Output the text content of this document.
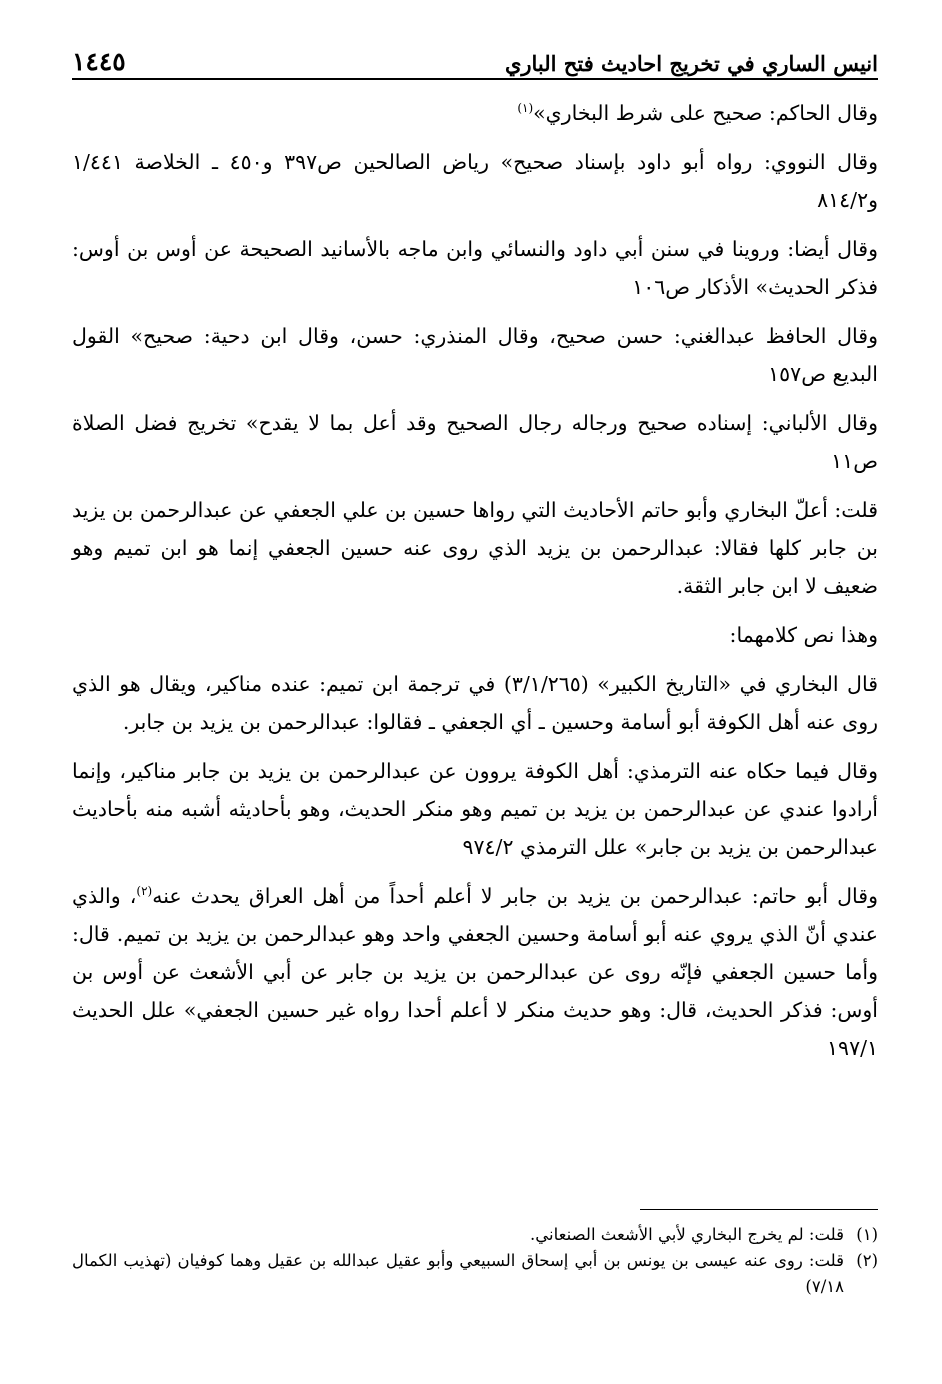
انيس الساري في تخريج احاديث فتح الباري
١٤٤٥

وقال الحاكم: صحيح على شرط البخاري»$^{(١)}$

وقال النووي: رواه أبو داود بإسناد صحيح» رياض الصالحين ص٣٩٧ و٤٥٠ ـ الخلاصة ١/٤٤١ و٨١٤/٢

وقال أيضا: وروينا في سنن أبي داود والنسائي وابن ماجه بالأسانيد الصحيحة عن أوس بن أوس: فذكر الحديث» الأذكار ص١٠٦

وقال الحافظ عبدالغني: حسن صحيح، وقال المنذري: حسن، وقال ابن دحية: صحيح» القول البديع ص١٥٧

وقال الألباني: إسناده صحيح ورجاله رجال الصحيح وقد أعل بما لا يقدح» تخريج فضل الصلاة ص١١

قلت: أعلّ البخاري وأبو حاتم الأحاديث التي رواها حسين بن علي الجعفي عن عبدالرحمن بن يزيد بن جابر كلها فقالا: عبدالرحمن بن يزيد الذي روى عنه حسين الجعفي إنما هو ابن تميم وهو ضعيف لا ابن جابر الثقة.

وهذا نص كلامهما:

قال البخاري في «التاريخ الكبير» (٣/١/٢٦٥) في ترجمة ابن تميم: عنده مناكير، ويقال هو الذي روى عنه أهل الكوفة أبو أسامة وحسين ـ أي الجعفي ـ فقالوا: عبدالرحمن بن يزيد بن جابر.

وقال فيما حكاه عنه الترمذي: أهل الكوفة يروون عن عبدالرحمن بن يزيد بن جابر مناكير، وإنما أرادوا عندي عن عبدالرحمن بن يزيد بن تميم وهو منكر الحديث، وهو بأحاديثه أشبه منه بأحاديث عبدالرحمن بن يزيد بن جابر» علل الترمذي ٩٧٤/٢

وقال أبو حاتم: عبدالرحمن بن يزيد بن جابر لا أعلم أحداً من أهل العراق يحدث عنه$^{(٢)}$، والذي عندي أنّ الذي يروي عنه أبو أسامة وحسين الجعفي واحد وهو عبدالرحمن بن يزيد بن تميم. قال: وأما حسين الجعفي فإنّه روى عن عبدالرحمن بن يزيد بن جابر عن أبي الأشعث عن أوس بن أوس: فذكر الحديث، قال: وهو حديث منكر لا أعلم أحدا رواه غير حسين الجعفي» علل الحديث ١٩٧/١

(١)
قلت: لم يخرج البخاري لأبي الأشعث الصنعاني.
(٢)
قلت: روى عنه عيسى بن يونس بن أبي إسحاق السبيعي وأبو عقيل عبدالله بن عقيل وهما كوفيان (تهذيب الكمال ٧/١٨)
